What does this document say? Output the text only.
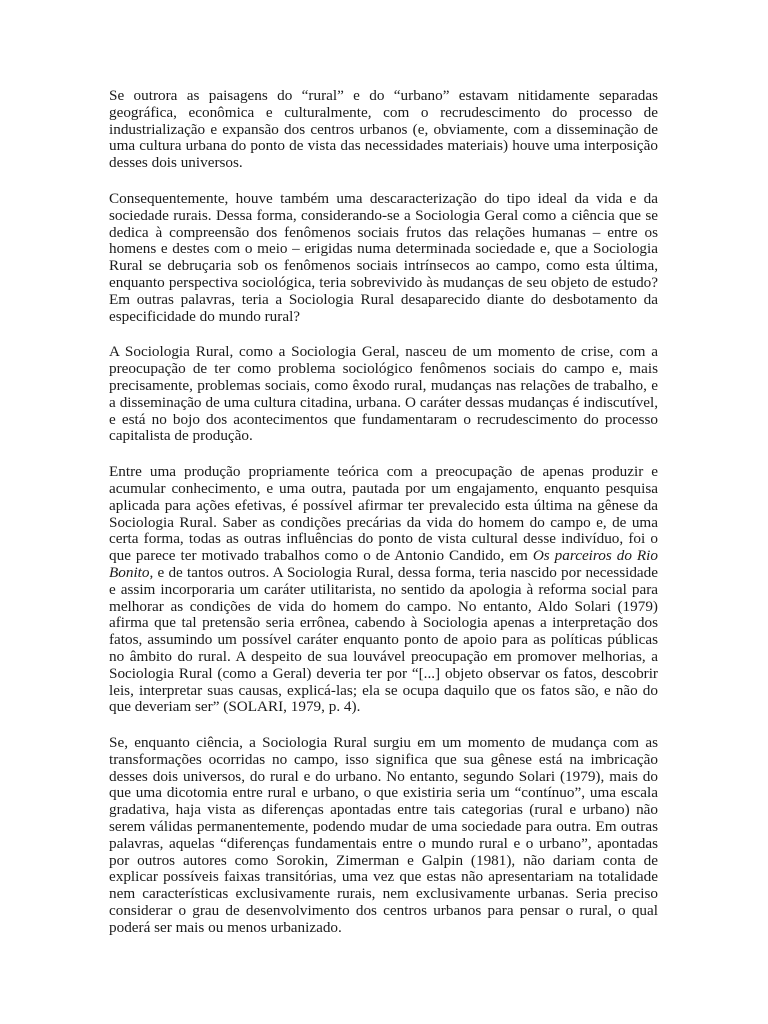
Se outrora as paisagens do “rural” e do “urbano” estavam nitidamente separadas geográfica, econômica e culturalmente, com o recrudescimento do processo de industrialização e expansão dos centros urbanos (e, obviamente, com a disseminação de uma cultura urbana do ponto de vista das necessidades materiais) houve uma interposição desses dois universos.

Consequentemente, houve também uma descaracterização do tipo ideal da vida e da sociedade rurais. Dessa forma, considerando-se a Sociologia Geral como a ciência que se dedica à compreensão dos fenômenos sociais frutos das relações humanas – entre os homens e destes com o meio – erigidas numa determinada sociedade e, que a Sociologia Rural se debruçaria sob os fenômenos sociais intrínsecos ao campo, como esta última, enquanto perspectiva sociológica, teria sobrevivido às mudanças de seu objeto de estudo? Em outras palavras, teria a Sociologia Rural desaparecido diante do desbotamento da especificidade do mundo rural?

A Sociologia Rural, como a Sociologia Geral, nasceu de um momento de crise, com a preocupação de ter como problema sociológico fenômenos sociais do campo e, mais precisamente, problemas sociais, como êxodo rural, mudanças nas relações de trabalho, e a disseminação de uma cultura citadina, urbana. O caráter dessas mudanças é indiscutível, e está no bojo dos acontecimentos que fundamentaram o recrudescimento do processo capitalista de produção.

Entre uma produção propriamente teórica com a preocupação de apenas produzir e acumular conhecimento, e uma outra, pautada por um engajamento, enquanto pesquisa aplicada para ações efetivas, é possível afirmar ter prevalecido esta última na gênese da Sociologia Rural. Saber as condições precárias da vida do homem do campo e, de uma certa forma, todas as outras influências do ponto de vista cultural desse indivíduo, foi o que parece ter motivado trabalhos como o de Antonio Candido, em Os parceiros do Rio Bonito, e de tantos outros. A Sociologia Rural, dessa forma, teria nascido por necessidade e assim incorporaria um caráter utilitarista, no sentido da apologia à reforma social para melhorar as condições de vida do homem do campo. No entanto, Aldo Solari (1979) afirma que tal pretensão seria errônea, cabendo à Sociologia apenas a interpretação dos fatos, assumindo um possível caráter enquanto ponto de apoio para as políticas públicas no âmbito do rural. A despeito de sua louvável preocupação em promover melhorias, a Sociologia Rural (como a Geral) deveria ter por “[...] objeto observar os fatos, descobrir leis, interpretar suas causas, explicá-las; ela se ocupa daquilo que os fatos são, e não do que deveriam ser” (SOLARI, 1979, p. 4).

Se, enquanto ciência, a Sociologia Rural surgiu em um momento de mudança com as transformações ocorridas no campo, isso significa que sua gênese está na imbricação desses dois universos, do rural e do urbano. No entanto, segundo Solari (1979), mais do que uma dicotomia entre rural e urbano, o que existiria seria um “contínuo”, uma escala gradativa, haja vista as diferenças apontadas entre tais categorias (rural e urbano) não serem válidas permanentemente, podendo mudar de uma sociedade para outra. Em outras palavras, aquelas “diferenças fundamentais entre o mundo rural e o urbano”, apontadas por outros autores como Sorokin, Zimerman e Galpin (1981), não dariam conta de explicar possíveis faixas transitórias, uma vez que estas não apresentariam na totalidade nem características exclusivamente rurais, nem exclusivamente urbanas. Seria preciso considerar o grau de desenvolvimento dos centros urbanos para pensar o rural, o qual poderá ser mais ou menos urbanizado.
